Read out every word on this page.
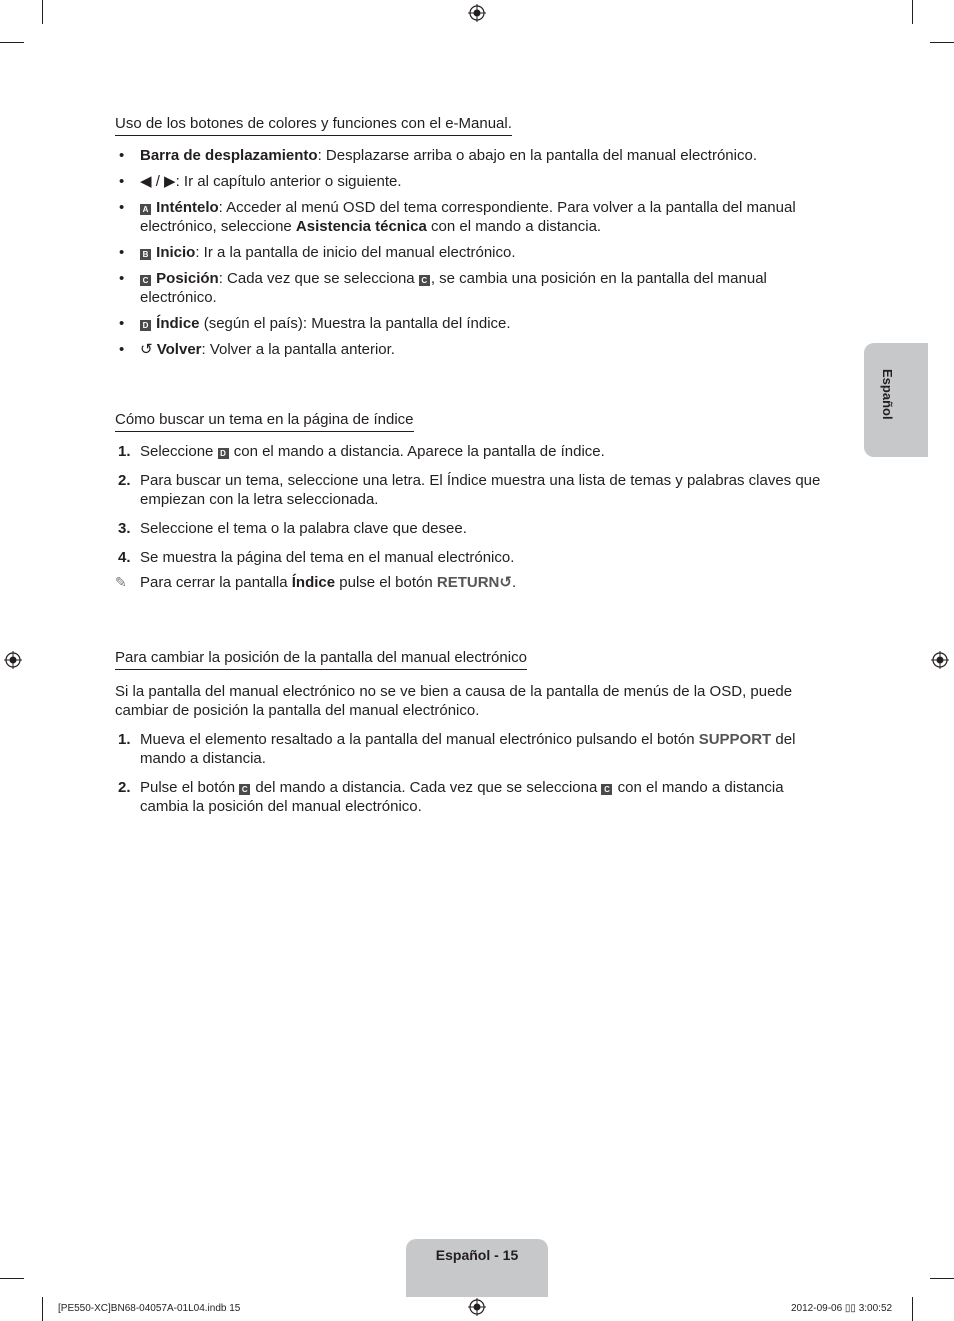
Uso de los botones de colores y funciones con el e-Manual.
• Barra de desplazamiento: Desplazarse arriba o abajo en la pantalla del manual electrónico.
• ◀ / ▶: Ir al capítulo anterior o siguiente.
• A Inténtelo: Acceder al menú OSD del tema correspondiente. Para volver a la pantalla del manual electrónico, seleccione Asistencia técnica con el mando a distancia.
• B Inicio: Ir a la pantalla de inicio del manual electrónico.
• C Posición: Cada vez que se selecciona C , se cambia una posición en la pantalla del manual electrónico.
• D Índice (según el país): Muestra la pantalla del índice.
• ↺ Volver: Volver a la pantalla anterior.
Cómo buscar un tema en la página de índice
1. Seleccione D con el mando a distancia. Aparece la pantalla de índice.
2. Para buscar un tema, seleccione una letra. El Índice muestra una lista de temas y palabras claves que empiezan con la letra seleccionada.
3. Seleccione el tema o la palabra clave que desee.
4. Se muestra la página del tema en el manual electrónico.
✎ Para cerrar la pantalla Índice pulse el botón RETURN↺.
Para cambiar la posición de la pantalla del manual electrónico

Si la pantalla del manual electrónico no se ve bien a causa de la pantalla de menús de la OSD, puede cambiar de posición la pantalla del manual electrónico.

1. Mueva el elemento resaltado a la pantalla del manual electrónico pulsando el botón SUPPORT del mando a distancia.
2. Pulse el botón C del mando a distancia. Cada vez que se selecciona C con el mando a distancia cambia la posición del manual electrónico.
Español
Español - 15
[PE550-XC]BN68-04057A-01L04.indb 15	2012-09-06 ▯▯ 3:00:52
